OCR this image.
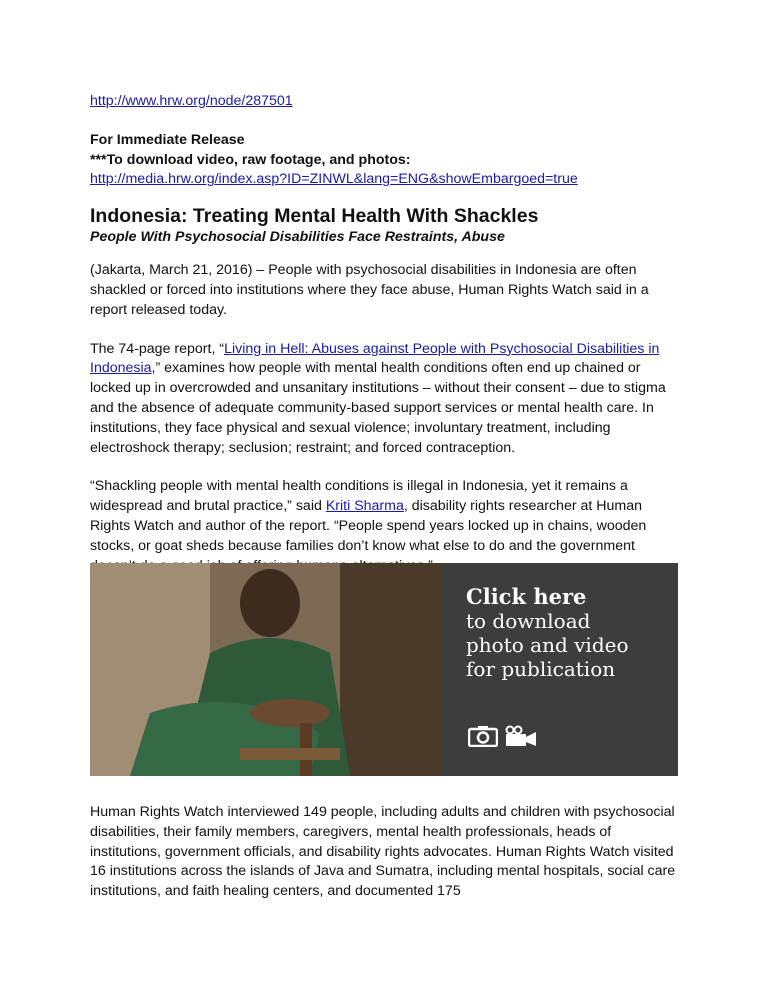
http://www.hrw.org/node/287501

For Immediate Release

***To download video, raw footage, and photos:

http://media.hrw.org/index.asp?ID=ZINWL&lang=ENG&showEmbargoed=true

Indonesia: Treating Mental Health With Shackles

People With Psychosocial Disabilities Face Restraints, Abuse

(Jakarta, March 21, 2016) – People with psychosocial disabilities in Indonesia are often shackled or forced into institutions where they face abuse, Human Rights Watch said in a report released today.

The 74-page report, “Living in Hell: Abuses against People with Psychosocial Disabilities in Indonesia,” examines how people with mental health conditions often end up chained or locked up in overcrowded and unsanitary institutions – without their consent – due to stigma and the absence of adequate community-based support services or mental health care. In institutions, they face physical and sexual violence; involuntary treatment, including electroshock therapy; seclusion; restraint; and forced contraception.

“Shackling people with mental health conditions is illegal in Indonesia, yet it remains a widespread and brutal practice,” said Kriti Sharma, disability rights researcher at Human Rights Watch and author of the report. “People spend years locked up in chains, wooden stocks, or goat sheds because families don’t know what else to do and the government

Click here
to download
photo and video
for publication

Human Rights Watch interviewed 149 people, including adults and children with psychosocial disabilities, their family members, caregivers, mental health professionals, heads of institutions, government officials, and disability rights advocates. Human Rights Watch visited 16 institutions across the islands of Java and Sumatra, including mental hospitals, social care institutions, and faith healing centers, and documented 175
